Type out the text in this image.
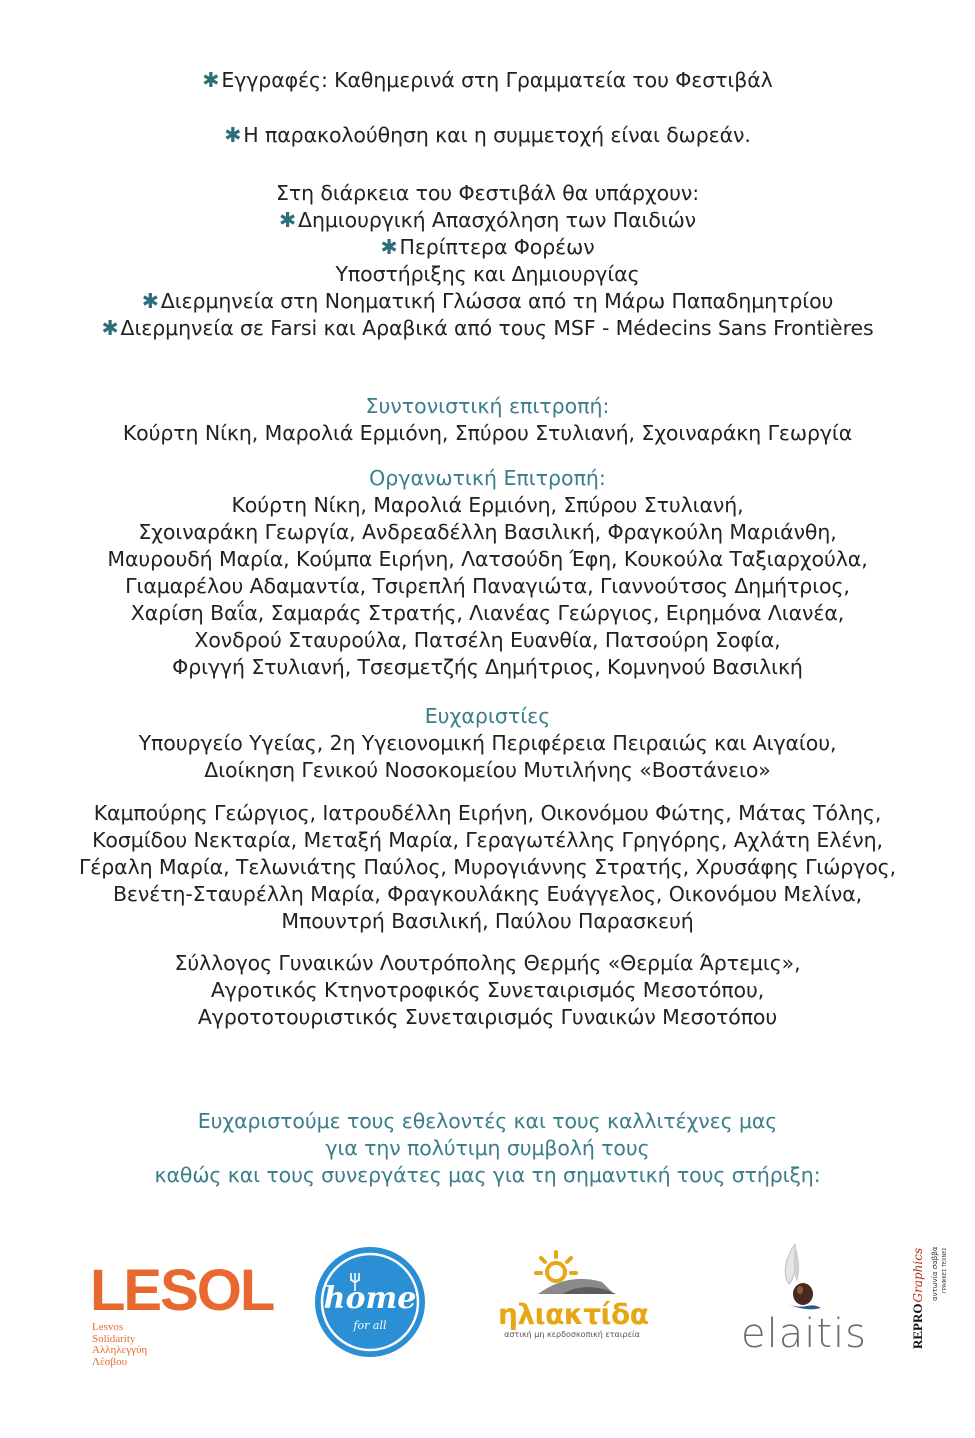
✱Εγγραφές: Καθημερινά στη Γραμματεία του Φεστιβάλ
✱Η παρακολούθηση και η συμμετοχή είναι δωρεάν.
Στη διάρκεια του Φεστιβάλ θα υπάρχουν:
✱Δημιουργική Απασχόληση των Παιδιών
✱Περίπτερα Φορέων
Υποστήριξης και Δημιουργίας
✱Διερμηνεία στη Νοηματική Γλώσσα από τη Μάρω Παπαδημητρίου
✱Διερμηνεία σε Farsi και Αραβικά από τους MSF - Médecins Sans Frontières
Συντονιστική επιτροπή:
Κούρτη Νίκη, Μαρολιά Ερμιόνη, Σπύρου Στυλιανή, Σχοιναράκη Γεωργία
Οργανωτική Επιτροπή:
Κούρτη Νίκη, Μαρολιά Ερμιόνη, Σπύρου Στυλιανή,
Σχοιναράκη Γεωργία, Ανδρεαδέλλη Βασιλική, Φραγκούλη Μαριάνθη,
Μαυρουδή Μαρία, Κούμπα Ειρήνη, Λατσούδη Έφη, Κουκούλα Ταξιαρχούλα,
Γιαμαρέλου Αδαμαντία, Τσιρεπλή Παναγιώτα, Γιαννούτσος Δημήτριος,
Χαρίση Βαΐα, Σαμαράς Στρατής, Λιανέας Γεώργιος, Ειρημόνα Λιανέα,
Χονδρού Σταυρούλα, Πατσέλη Ευανθία, Πατσούρη Σοφία,
Φριγγή Στυλιανή, Τσεσμετζής Δημήτριος, Κομνηνού Βασιλική
Ευχαριστίες
Υπουργείο Υγείας, 2η Υγειονομική Περιφέρεια Πειραιώς και Αιγαίου,
Διοίκηση Γενικού Νοσοκομείου Μυτιλήνης «Βοστάνειο»
Καμπούρης Γεώργιος, Ιατρουδέλλη Ειρήνη, Οικονόμου Φώτης, Μάτας Τόλης,
Κοσμίδου Νεκταρία, Μεταξή Μαρία, Γεραγωτέλλης Γρηγόρης, Αχλάτη Ελένη,
Γέραλη Μαρία, Τελωνιάτης Παύλος, Μυρογιάννης Στρατής, Χρυσάφης Γιώργος,
Βενέτη-Σταυρέλλη Μαρία, Φραγκουλάκης Ευάγγελος, Οικονόμου Μελίνα,
Μπουντρή Βασιλική, Παύλου Παρασκευή
Σύλλογος Γυναικών Λουτρόπολης Θερμής «Θερμία Άρτεμις»,
Αγροτικός Κτηνοτροφικός Συνεταιρισμός Μεσοτόπου,
Αγροτοτουριστικός Συνεταιρισμός Γυναικών Μεσοτόπου
Ευχαριστούμε τους εθελοντές και τους καλλιτέχνες μας
για την πολύτιμη συμβολή τους
καθώς και τους συνεργάτες μας για τη σημαντική τους στήριξη:
LESOL
Lesvos
Solidarity
Αλληλεγγύη
Λέσβου
home
for all	ηλιακτίδα
αστική μη κερδοσκοπική εταιρεία	elaitis	REPROGraphics αντωνία σαββα ΓΡΑΦΙΚΕΣ ΤΕΧΝΕΣ
